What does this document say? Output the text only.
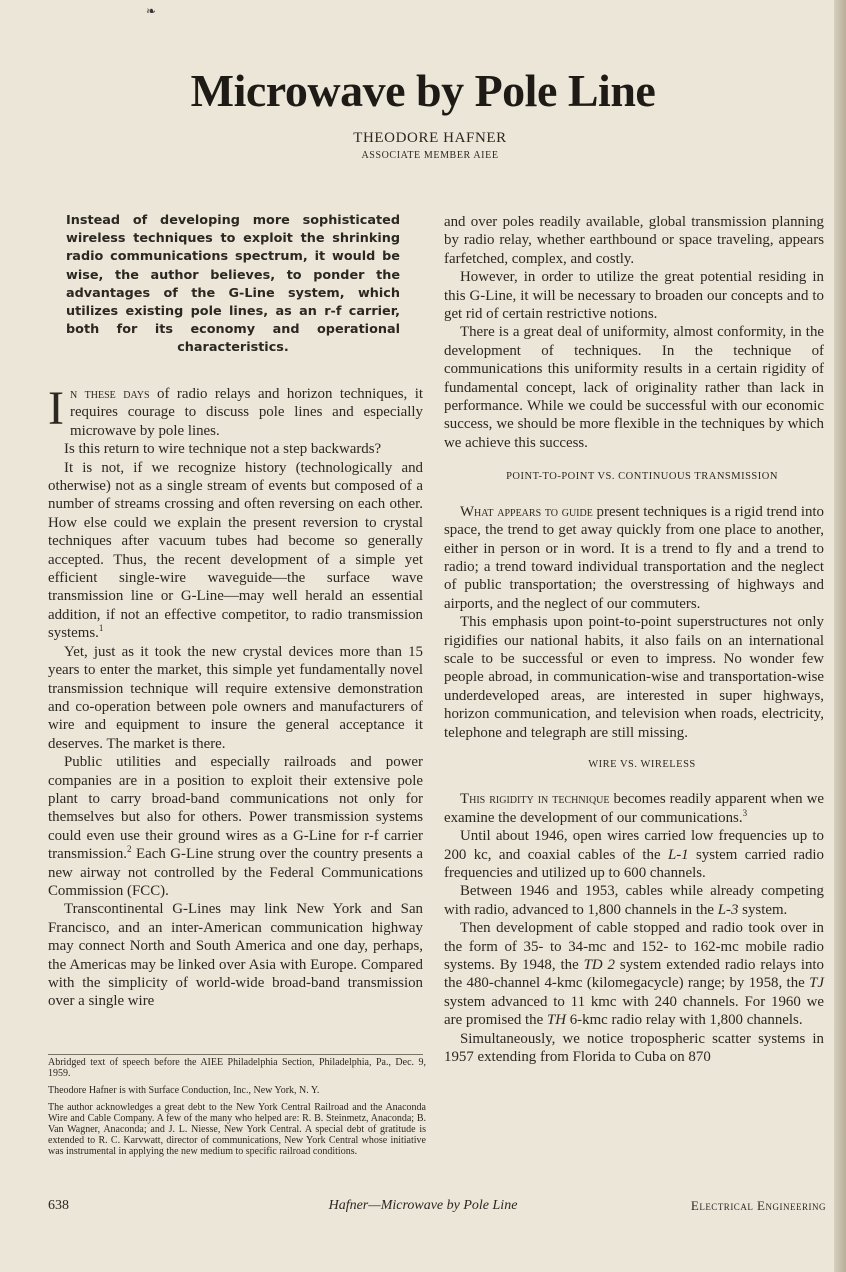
❧
Microwave by Pole Line
THEODORE HAFNER
ASSOCIATE MEMBER AIEE

Instead of developing more sophisticated wireless techniques to exploit the shrinking radio communications spectrum, it would be wise, the author believes, to ponder the advantages of the G-Line system, which utilizes existing pole lines, as an r-f carrier, both for its economy and operational characteristics.

In these days of radio relays and horizon techniques, it requires courage to discuss pole lines and especially microwave by pole lines.

Is this return to wire technique not a step backwards?

It is not, if we recognize history (technologically and otherwise) not as a single stream of events but composed of a number of streams crossing and often reversing on each other. How else could we explain the present reversion to crystal techniques after vacuum tubes had become so generally accepted. Thus, the recent development of a simple yet efficient single-wire waveguide—the surface wave transmission line or G-Line—may well herald an essential addition, if not an effective competitor, to radio transmission systems.$^1$

Yet, just as it took the new crystal devices more than 15 years to enter the market, this simple yet fundamentally novel transmission technique will require extensive demonstration and co-operation between pole owners and manufacturers of wire and equipment to insure the general acceptance it deserves. The market is there.

Public utilities and especially railroads and power companies are in a position to exploit their extensive pole plant to carry broad-band communications not only for themselves but also for others. Power transmission systems could even use their ground wires as a G-Line for r-f carrier transmission.$^2$ Each G-Line strung over the country presents a new airway not controlled by the Federal Communications Commission (FCC).

Transcontinental G-Lines may link New York and San Francisco, and an inter-American communication highway may connect North and South America and one day, perhaps, the Americas may be linked over Asia with Europe. Compared with the simplicity of world-wide broad-band transmission over a single wire

and over poles readily available, global transmission planning by radio relay, whether earthbound or space traveling, appears farfetched, complex, and costly.

However, in order to utilize the great potential residing in this G-Line, it will be necessary to broaden our concepts and to get rid of certain restrictive notions.

There is a great deal of uniformity, almost conformity, in the development of techniques. In the technique of communications this uniformity results in a certain rigidity of fundamental concept, lack of originality rather than lack in performance. While we could be successful with our economic success, we should be more flexible in the techniques by which we achieve this success.

POINT-TO-POINT VS. CONTINUOUS TRANSMISSION

What appears to guide present techniques is a rigid trend into space, the trend to get away quickly from one place to another, either in person or in word. It is a trend to fly and a trend to radio; a trend toward individual transportation and the neglect of public transportation; the overstressing of highways and airports, and the neglect of our commuters.

This emphasis upon point-to-point superstructures not only rigidifies our national habits, it also fails on an international scale to be successful or even to impress. No wonder few people abroad, in communication-wise and transportation-wise underdeveloped areas, are interested in super highways, horizon communication, and television when roads, electricity, telephone and telegraph are still missing.

WIRE VS. WIRELESS

This rigidity in technique becomes readily apparent when we examine the development of our communications.$^3$

Until about 1946, open wires carried low frequencies up to 200 kc, and coaxial cables of the L-1 system carried radio frequencies and utilized up to 600 channels.

Between 1946 and 1953, cables while already competing with radio, advanced to 1,800 channels in the L-3 system.

Then development of cable stopped and radio took over in the form of 35- to 34-mc and 152- to 162-mc mobile radio systems. By 1948, the TD 2 system extended radio relays into the 480-channel 4-kmc (kilomegacycle) range; by 1958, the TJ system advanced to 11 kmc with 240 channels. For 1960 we are promised the TH 6-kmc radio relay with 1,800 channels.

Simultaneously, we notice tropospheric scatter systems in 1957 extending from Florida to Cuba on 870

Abridged text of speech before the AIEE Philadelphia Section, Philadelphia, Pa., Dec. 9, 1959.

Theodore Hafner is with Surface Conduction, Inc., New York, N. Y.

The author acknowledges a great debt to the New York Central Railroad and the Anaconda Wire and Cable Company. A few of the many who helped are: R. B. Steinmetz, Anaconda; B. Van Wagner, Anaconda; and J. L. Niesse, New York Central. A special debt of gratitude is extended to R. C. Karvwatt, director of communications, New York Central whose initiative was instrumental in applying the new medium to specific railroad conditions.

638	Hafner—Microwave by Pole Line	Electrical Engineering
